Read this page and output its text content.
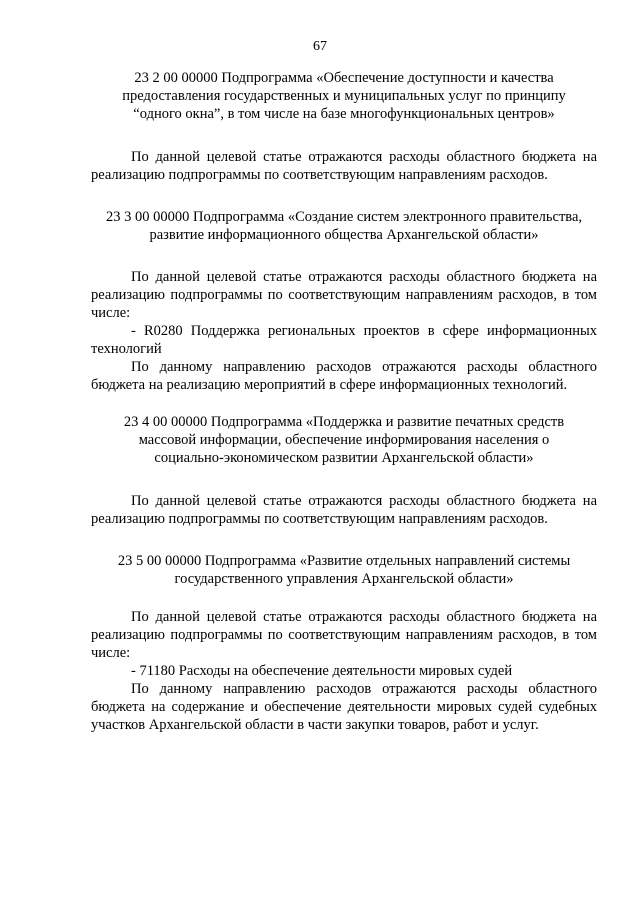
67
23 2 00 00000 Подпрограмма «Обеспечение доступности и качества
предоставления государственных и муниципальных услуг по принципу
“одного окна”, в том числе на базе многофункциональных центров»
По данной целевой статье отражаются расходы областного бюджета на реализацию подпрограммы по соответствующим направлениям расходов.
23 3 00 00000 Подпрограмма «Создание систем электронного правительства,
развитие информационного общества Архангельской области»
По данной целевой статье отражаются расходы областного бюджета на реализацию подпрограммы по соответствующим направлениям расходов, в том числе:
- R0280 Поддержка региональных проектов в сфере информационных технологий
По данному направлению расходов отражаются расходы областного бюджета на реализацию мероприятий в сфере информационных технологий.
23 4 00 00000 Подпрограмма «Поддержка и развитие печатных средств
массовой информации, обеспечение информирования населения о
социально-экономическом развитии Архангельской области»
По данной целевой статье отражаются расходы областного бюджета на реализацию подпрограммы по соответствующим направлениям расходов.
23 5 00 00000 Подпрограмма «Развитие отдельных направлений системы
государственного управления Архангельской области»
По данной целевой статье отражаются расходы областного бюджета на реализацию подпрограммы по соответствующим направлениям расходов, в том числе:
- 71180 Расходы на обеспечение деятельности мировых судей
По данному направлению расходов отражаются расходы областного бюджета на содержание и обеспечение деятельности мировых судей судебных участков Архангельской области в части закупки товаров, работ и услуг.
